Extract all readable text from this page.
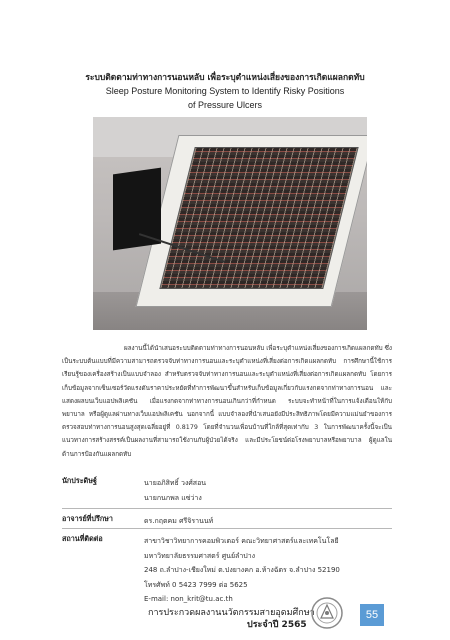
ระบบติดตามท่าทางการนอนหลับ เพื่อระบุตำแหน่งเสี่ยงของการเกิดแผลกดทับ
Sleep Posture Monitoring System to Identify Risky Positions
of Pressure Ulcers

ผลงานนี้ได้นำเสนอระบบติดตามท่าทางการนอนหลับ เพื่อระบุตำแหน่งเสี่ยงของการเกิดแผลกดทับ ซึ่งเป็นระบบต้นแบบที่มีความสามารถตรวจจับท่าทางการนอนและระบุตำแหน่งที่เสี่ยงต่อการเกิดแผลกดทับ การศึกษานี้ใช้การเรียนรู้ของเครื่องสร้างเป็นแบบจำลอง สำหรับตรวจจับท่าทางการนอนและระบุตำแหน่งที่เสี่ยงต่อการเกิดแผลกดทับ โดยการเก็บข้อมูลจากเซ็นเซอร์วัดแรงดันราคาประหยัดที่ทำการพัฒนาขึ้นสำหรับเก็บข้อมูลเกี่ยวกับแรงกดจากท่าทางการนอน และแสดงผลบนเว็บแอปพลิเคชัน เมื่อแรงกดจากท่าทางการนอนเกินกว่าที่กำหนด ระบบจะทำหน้าที่ในการแจ้งเตือนให้กับพยาบาล หรือผู้ดูแลผ่านทางเว็บแอปพลิเคชัน นอกจากนี้ แบบจำลองที่นำเสนอยังมีประสิทธิภาพโดยมีความแม่นยำของการตรวจสอบท่าทางการนอนสูงสุดเฉลี่ยอยู่ที่ 0.8179 โดยที่จำนวนเพื่อนบ้านที่ใกล้ที่สุดเท่ากับ 3 ในการพัฒนาครั้งนี้จะเป็นแนวทางการสร้างสรรค์เป็นผลงานที่สามารถใช้งานกับผู้ป่วยได้จริง และมีประโยชน์ต่อโรงพยาบาลหรือพยาบาล ผู้ดูแลในด้านการป้องกันแผลกดทับ

นักประดิษฐ์	นายอภิสิทธิ์ วงศ์สอน
นายกนกพล แซ่ว่าง
อาจารย์ที่ปรึกษา	ดร.กฤตคม ศรีจิรานนท์
สถานที่ติดต่อ	สาขาวิชาวิทยาการคอมพิวเตอร์ คณะวิทยาศาสตร์และเทคโนโลยี
มหาวิทยาลัยธรรมศาสตร์ ศูนย์ลำปาง
248 ถ.ลำปาง-เชียงใหม่ ต.ปงยางคก อ.ห้างฉัตร จ.ลำปาง 52190
โทรศัพท์ 0 5423 7999 ต่อ 5625
E-mail: non_krit@tu.ac.th
การประกวดผลงานนวัตกรรมสายอุดมศึกษา
ประจำปี 2565
55
